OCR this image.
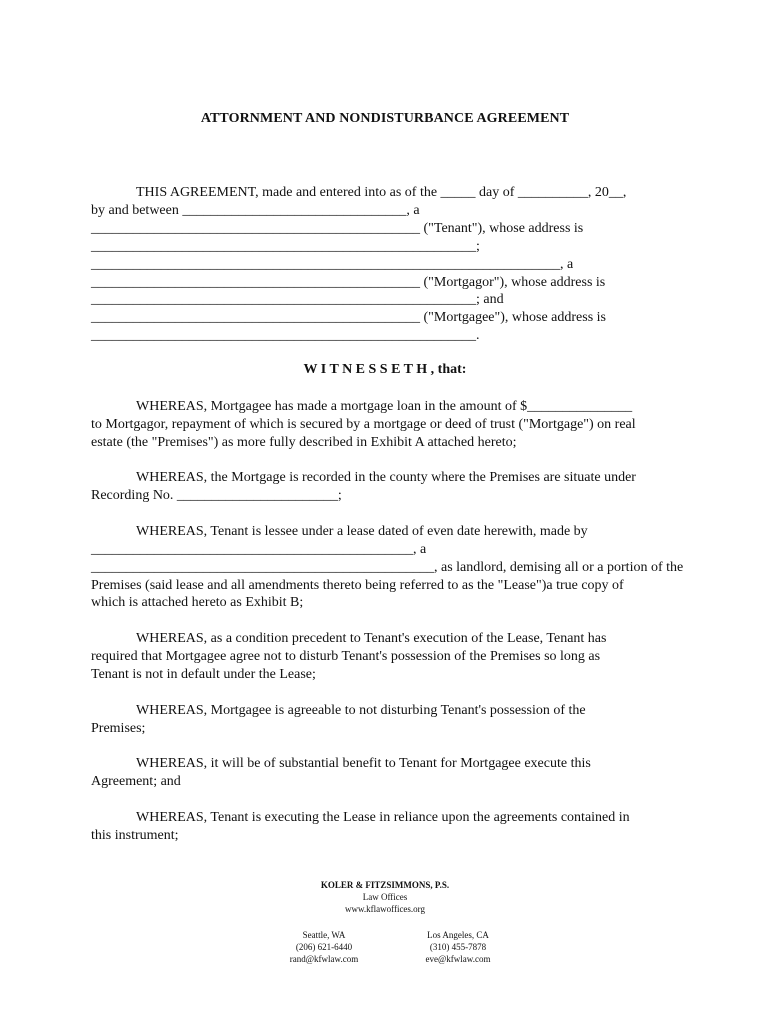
ATTORNMENT AND NONDISTURBANCE AGREEMENT
THIS AGREEMENT, made and entered into as of the _____ day of __________, 20__,
by and between ________________________________, a
_______________________________________________ ("Tenant"), whose address is
_______________________________________________________;
___________________________________________________________________, a
_______________________________________________ ("Mortgagor"), whose address is
_______________________________________________________; and
_______________________________________________ ("Mortgagee"), whose address is
_______________________________________________________.
WHEREAS, Mortgagee has made a mortgage loan in the amount of $_______________
to Mortgagor, repayment of which is secured by a mortgage or deed of trust ("Mortgage") on real
estate (the "Premises") as more fully described in Exhibit A attached hereto;
WHEREAS, the Mortgage is recorded in the county where the Premises are situate under
Recording No. _______________________;
WHEREAS, Tenant is lessee under a lease dated of even date herewith, made by
______________________________________________, a
_________________________________________________, as landlord, demising all or a portion of the
Premises (said lease and all amendments thereto being referred to as the "Lease")a true copy of
which is attached hereto as Exhibit B;
WHEREAS, as a condition precedent to Tenant's execution of the Lease, Tenant has
required that Mortgagee agree not to disturb Tenant's possession of the Premises so long as
Tenant is not in default under the Lease;
WHEREAS, Mortgagee is agreeable to not disturbing Tenant's possession of the
Premises;
WHEREAS, it will be of substantial benefit to Tenant for Mortgagee execute this
Agreement; and
WHEREAS, Tenant is executing the Lease in reliance upon the agreements contained in
this instrument;
W I T N E S S E T H , that:
KOLER & FITZSIMMONS, P.S.
Law Offices
www.kflawoffices.org
Seattle, WA
(206) 621-6440
rand@kfwlaw.com
Los Angeles, CA
(310) 455-7878
eve@kfwlaw.com
